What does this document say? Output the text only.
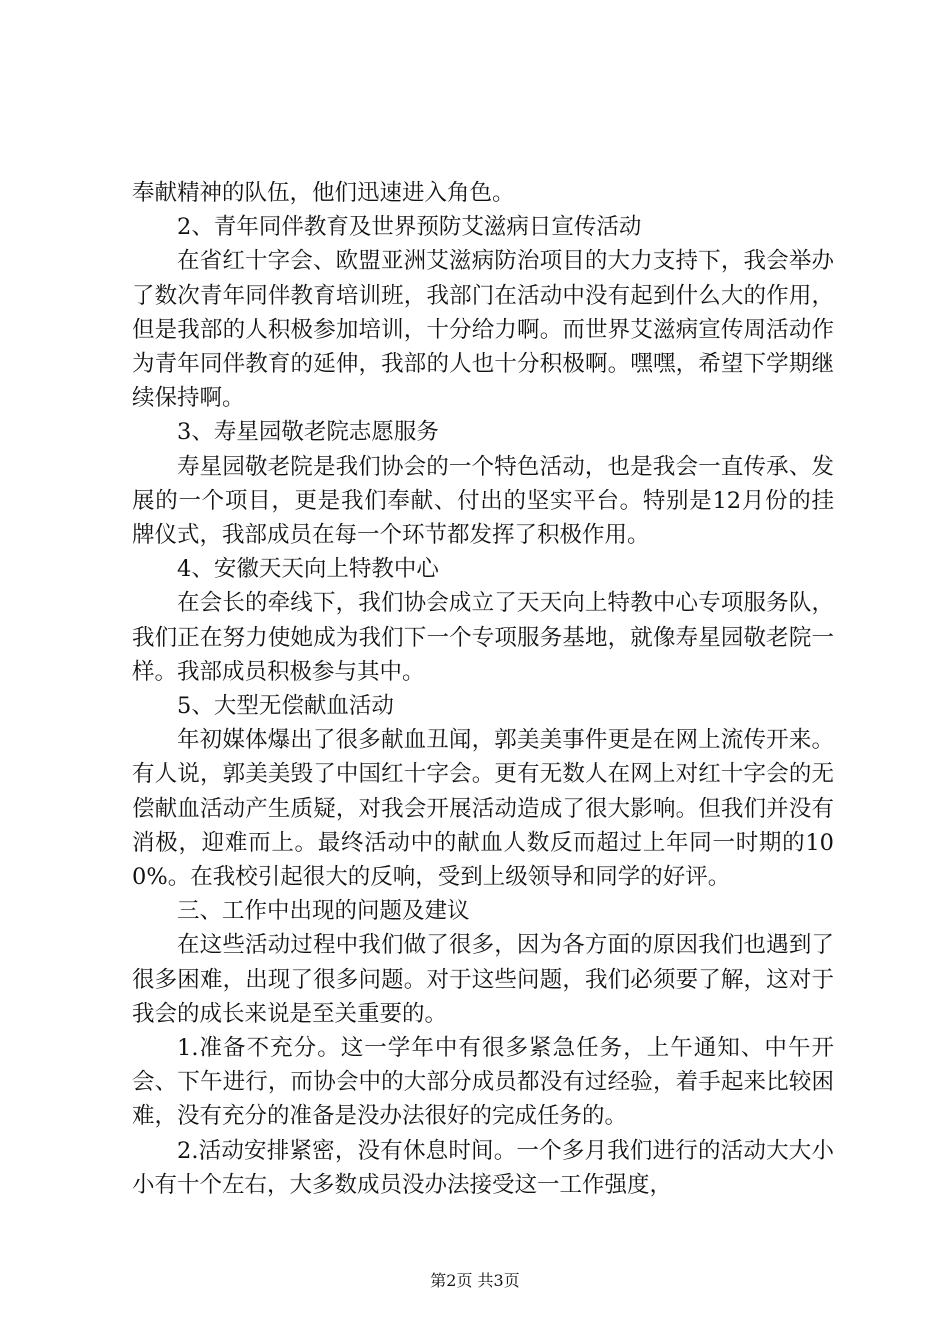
奉献精神的队伍，他们迅速进入角色。

2、青年同伴教育及世界预防艾滋病日宣传活动

在省红十字会、欧盟亚洲艾滋病防治项目的大力支持下，我会举办了数次青年同伴教育培训班，我部门在活动中没有起到什么大的作用，但是我部的人积极参加培训，十分给力啊。而世界艾滋病宣传周活动作为青年同伴教育的延伸，我部的人也十分积极啊。嘿嘿，希望下学期继续保持啊。

3、寿星园敬老院志愿服务

寿星园敬老院是我们协会的一个特色活动，也是我会一直传承、发展的一个项目，更是我们奉献、付出的坚实平台。特别是12月份的挂牌仪式，我部成员在每一个环节都发挥了积极作用。

4、安徽天天向上特教中心

在会长的牵线下，我们协会成立了天天向上特教中心专项服务队，我们正在努力使她成为我们下一个专项服务基地，就像寿星园敬老院一样。我部成员积极参与其中。

5、大型无偿献血活动

年初媒体爆出了很多献血丑闻，郭美美事件更是在网上流传开来。有人说，郭美美毁了中国红十字会。更有无数人在网上对红十字会的无偿献血活动产生质疑，对我会开展活动造成了很大影响。但我们并没有消极，迎难而上。最终活动中的献血人数反而超过上年同一时期的100%。在我校引起很大的反响，受到上级领导和同学的好评。

三、工作中出现的问题及建议

在这些活动过程中我们做了很多，因为各方面的原因我们也遇到了很多困难，出现了很多问题。对于这些问题，我们必须要了解，这对于我会的成长来说是至关重要的。

1.准备不充分。这一学年中有很多紧急任务，上午通知、中午开会、下午进行，而协会中的大部分成员都没有过经验，着手起来比较困难，没有充分的准备是没办法很好的完成任务的。

2.活动安排紧密，没有休息时间。一个多月我们进行的活动大大小小有十个左右，大多数成员没办法接受这一工作强度，

第2页 共3页
